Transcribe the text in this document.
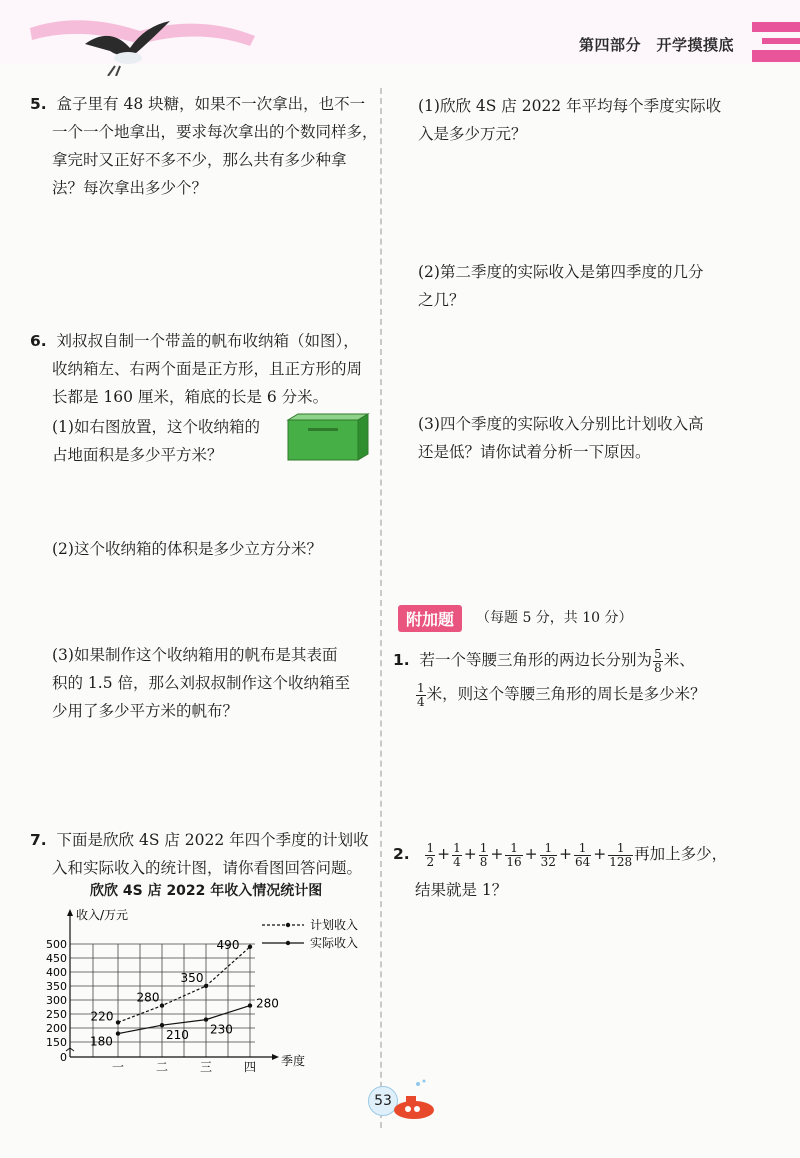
第四部分　开学摸摸底
5. 盒子里有 48 块糖，如果不一次拿出，也不一
一个一个地拿出，要求每次拿出的个数同样多，
拿完时又正好不多不少，那么共有多少种拿
法？每次拿出多少个？
6. 刘叔叔自制一个带盖的帆布收纳箱（如图），
收纳箱左、右两个面是正方形，且正方形的周
长都是 160 厘米，箱底的长是 6 分米。
(1)如右图放置，这个收纳箱的
占地面积是多少平方米？
(2)这个收纳箱的体积是多少立方分米？
(3)如果制作这个收纳箱用的帆布是其表面
积的 1.5 倍，那么刘叔叔制作这个收纳箱至
少用了多少平方米的帆布？
7. 下面是欣欣 4S 店 2022 年四个季度的计划收
入和实际收入的统计图，请你看图回答问题。
欣欣 4S 店 2022 年收入情况统计图
0
150
200
250
300
350
400
450
500
收入/万元
季度
一	二	三	四
220
280
350
490
180	210 230
280
计划收入
实际收入
(1)欣欣 4S 店 2022 年平均每个季度实际收
入是多少万元？
(2)第二季度的实际收入是第四季度的几分
之几？
(3)四个季度的实际收入分别比计划收入高
还是低？请你试着分析一下原因。
附加题	（每题 5 分，共 10 分）
1. 若一个等腰三角形的两边长分别为 $\frac{5}{8}$ 米、
$\frac{1}{4}$ 米，则这个等腰三角形的周长是多少米？
2. $\frac{1}{2} + \frac{1}{4} + \frac{1}{8} + \frac{1}{16} + \frac{1}{32} + \frac{1}{64} + \frac{1}{128}$ 再加上多少，
结果就是 1？
53
